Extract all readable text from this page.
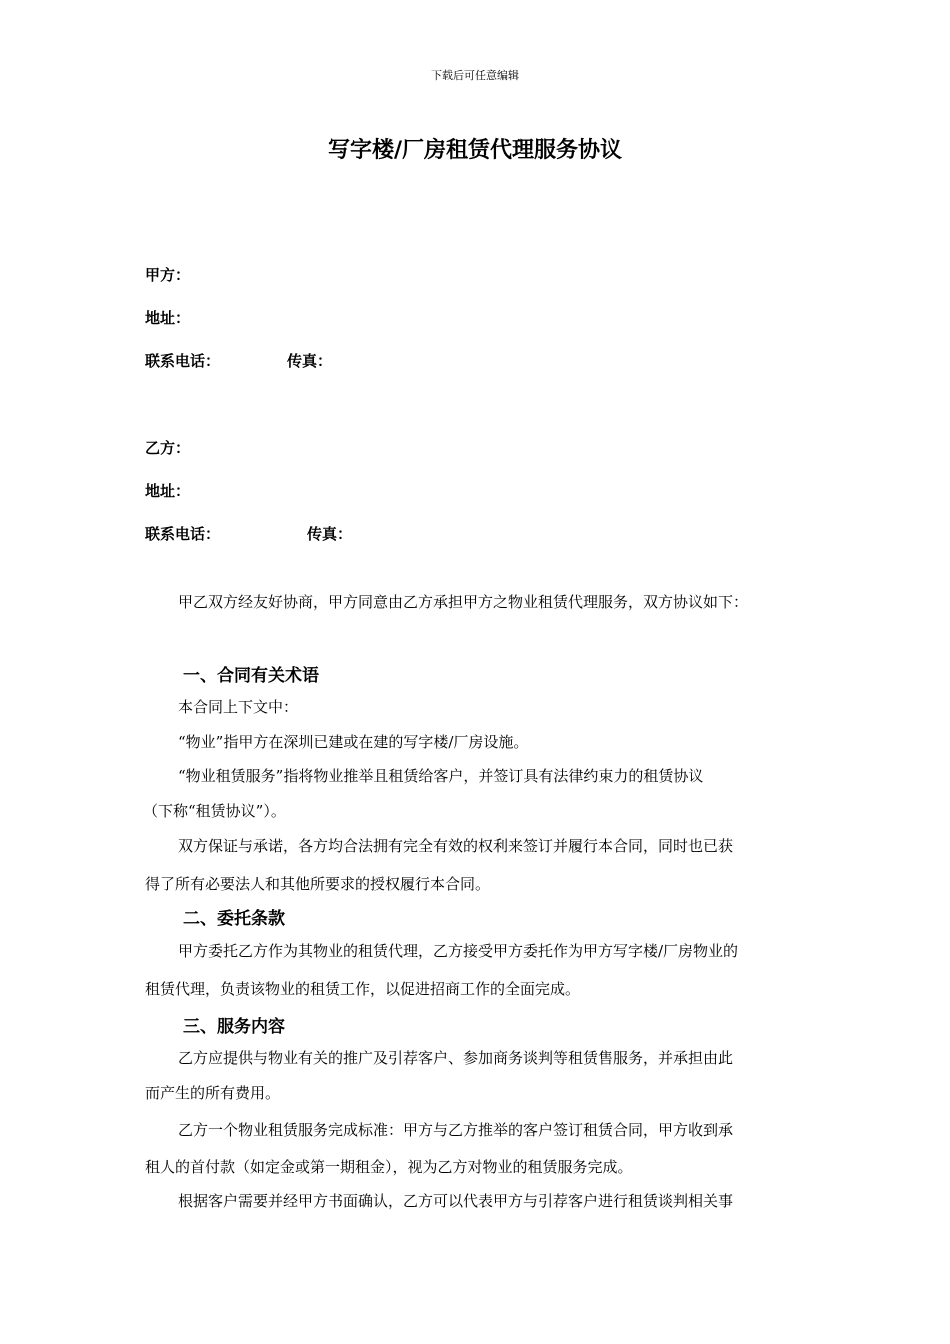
下载后可任意编辑
写字楼/厂房租赁代理服务协议
甲方：
地址：
联系电话：	传真：
乙方：
地址：
联系电话：	传真：
甲乙双方经友好协商，甲方同意由乙方承担甲方之物业租赁代理服务，双方协议如下：
一、合同有关术语
本合同上下文中：
“物业”指甲方在深圳已建或在建的写字楼/厂房设施。
“物业租赁服务”指将物业推举且租赁给客户，并签订具有法律约束力的租赁协议
（下称“租赁协议”）。
双方保证与承诺，各方均合法拥有完全有效的权利来签订并履行本合同，同时也已获
得了所有必要法人和其他所要求的授权履行本合同。
二、委托条款
甲方委托乙方作为其物业的租赁代理，乙方接受甲方委托作为甲方写字楼/厂房物业的
租赁代理，负责该物业的租赁工作，以促进招商工作的全面完成。
三、服务内容
乙方应提供与物业有关的推广及引荐客户、参加商务谈判等租赁售服务，并承担由此
而产生的所有费用。
乙方一个物业租赁服务完成标准：甲方与乙方推举的客户签订租赁合同，甲方收到承
租人的首付款（如定金或第一期租金），视为乙方对物业的租赁服务完成。
根据客户需要并经甲方书面确认，乙方可以代表甲方与引荐客户进行租赁谈判相关事
